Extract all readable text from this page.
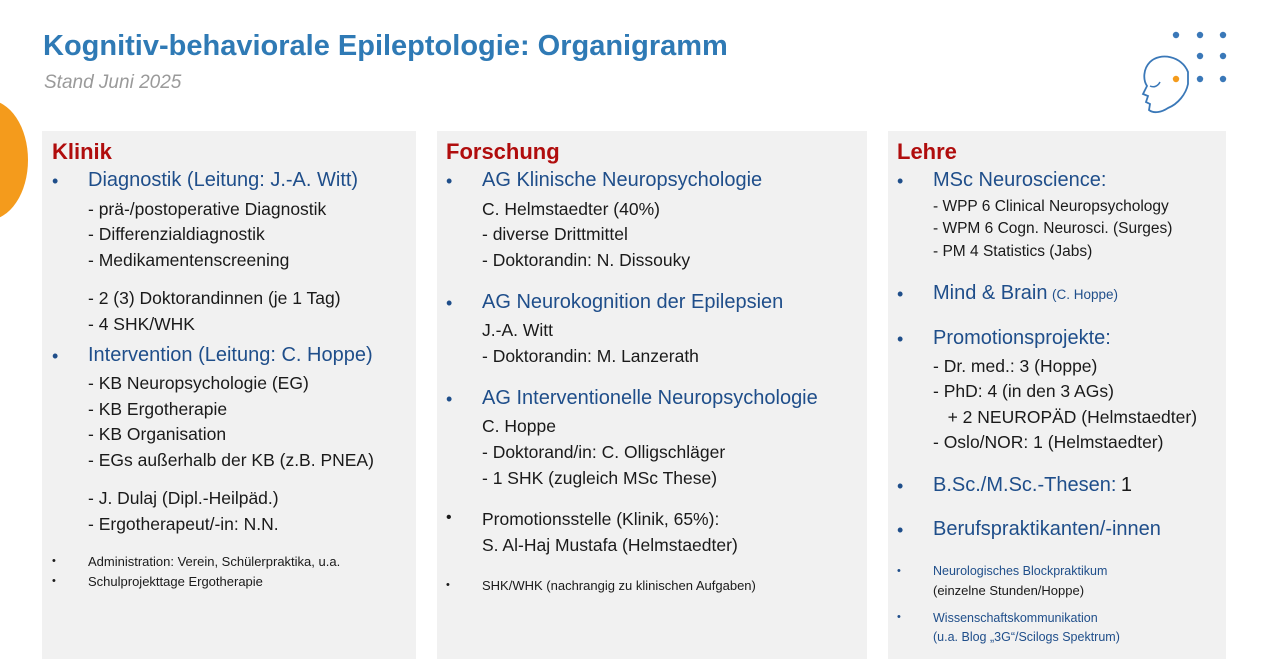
Kognitiv-behaviorale Epileptologie: Organigramm
Stand Juni 2025
Klinik
• Diagnostik (Leitung: J.-A. Witt)
- prä-/postoperative Diagnostik
- Differenzialdiagnostik
- Medikamentenscreening
- 2 (3) Doktorandinnen (je 1 Tag)
- 4 SHK/WHK
• Intervention (Leitung: C. Hoppe)
- KB Neuropsychologie (EG)
- KB Ergotherapie
- KB Organisation
- EGs außerhalb der KB (z.B. PNEA)
- J. Dulaj (Dipl.-Heilpäd.)
- Ergotherapeut/-in: N.N.
• Administration: Verein, Schülerpraktika, u.a.
• Schulprojekttage Ergotherapie
Forschung
• AG Klinische Neuropsychologie
C. Helmstaedter (40%)
- diverse Drittmittel
- Doktorandin: N. Dissouky
• AG Neurokognition der Epilepsien
J.-A. Witt
- Doktorandin: M. Lanzerath
• AG Interventionelle Neuropsychologie
C. Hoppe
- Doktorand/in: C. Olligschläger
- 1 SHK (zugleich MSc These)
• Promotionsstelle (Klinik, 65%):
S. Al-Haj Mustafa (Helmstaedter)
• SHK/WHK (nachrangig zu klinischen Aufgaben)
Lehre
• MSc Neuroscience:
- WPP 6 Clinical Neuropsychology
- WPM 6 Cogn. Neurosci. (Surges)
- PM 4 Statistics (Jabs)
• Mind & Brain (C. Hoppe)
• Promotionsprojekte:
- Dr. med.: 3 (Hoppe)
- PhD: 4 (in den 3 AGs)
+ 2 NEUROPÄD (Helmstaedter)
- Oslo/NOR: 1 (Helmstaedter)
• B.Sc./M.Sc.-Thesen: 1
• Berufspraktikanten/-innen
•	Neurologisches Blockpraktikum
(einzelne Stunden/Hoppe)
•	Wissenschaftskommunikation
(u.a. Blog „3G“/Scilogs Spektrum)
